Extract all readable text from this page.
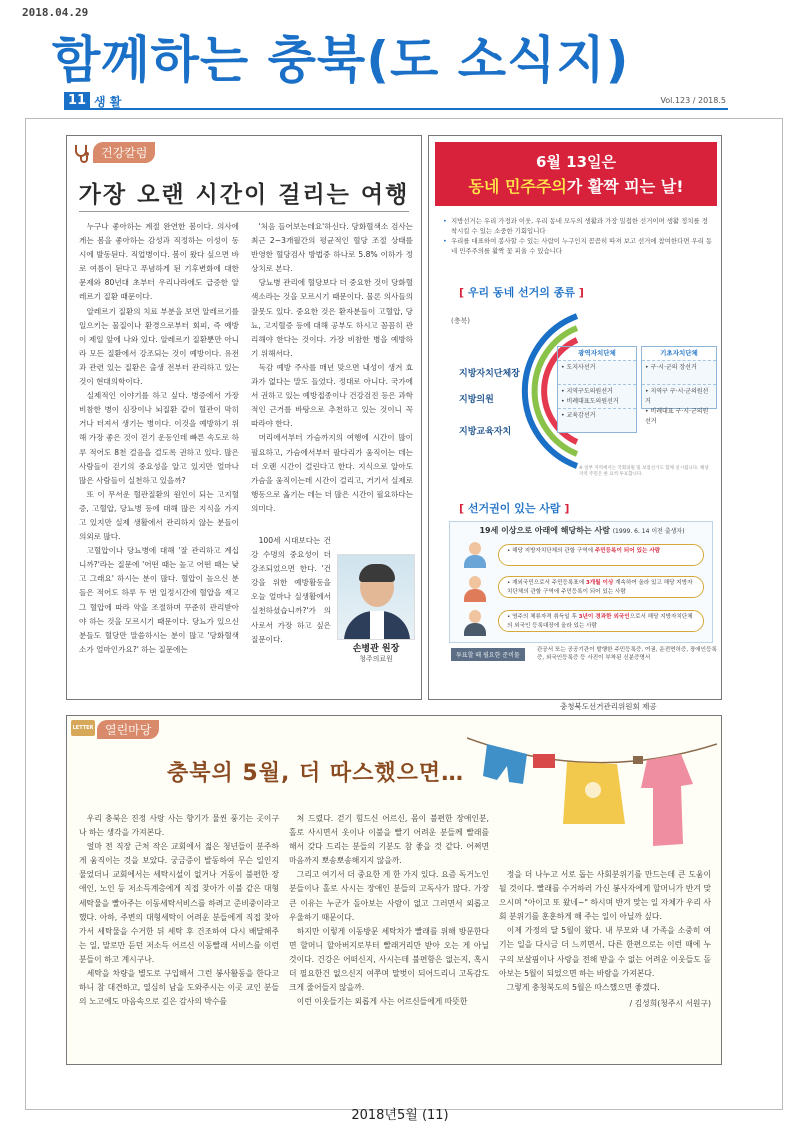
2018.04.29
함께하는 충북(도 소식지)
11 생 활	Vol.123 / 2018.5
건강칼럼
가장 오랜 시간이 걸리는 여행

누구나 좋아하는 계절 완연한 봄이다. 의사에게는 봄을 좋아하는 감성과 직정하는 이성이 동시에 발동된다. 직업병이다. 봄이 왔다 싶으면 바로 여름이 된다고 푸념하게 된 기후변화에 대한 문제와 80년대 초부터 우리나라에도 급증한 알레르기 질환 때문이다.

알레르기 질환의 치료 부분을 보면 알레르기를 일으키는 물질이나 환경으로부터 회피, 즉 예방이 제일 앞에 나와 있다. 알레르기 질환뿐만 아니라 모든 질환에서 강조되는 것이 예방이다. 유전과 관련 있는 질환은 출생 전부터 관리하고 있는 것이 현대의학이다.

실제적인 이야기를 하고 싶다. 병증에서 가장 비참한 병이 심장이나 뇌질환 같이 혈관이 막히거나 터져서 생기는 병이다. 이것을 예방하기 위해 가장 좋은 것이 걷기 운동인데 빠른 속도로 하루 적어도 8천 걸음을 걸도록 권하고 있다. 많은 사람들이 걷기의 중요성을 알고 있지만 얼마나 많은 사람들이 실천하고 있을까?

또 이 무서운 혈관질환의 원인이 되는 고지혈증, 고혈압, 당뇨병 등에 대해 많은 지식을 가지고 있지만 실제 생활에서 관리하지 않는 분들이 의외로 많다.

고혈압이나 당뇨병에 대해 '잘 관리하고 계십니까?'라는 질문에 '어떤 때는 높고 어떤 때는 낮고 그래요' 하시는 분이 많다. 혈압이 높으신 분들은 적어도 하루 두 번 일정시간에 혈압을 재고 그 혈압에 따라 약을 조절하며 꾸준히 관리받아야 하는 것을 모르시기 때문이다. 당뇨가 있으신 분들도 혈당만 말씀하시는 분이 많고 '당화혈색소가 얼마인가요?' 하는 질문에는

'처음 들어보는데요'하신다. 당화혈색소 검사는 최근 2~3개월간의 평균적인 혈당 조절 상태를 반영한 혈당검사 방법중 하나로 5.8% 이하가 정상치로 본다.

당뇨병 관리에 혈당보다 더 중요한 것이 당화혈색소라는 것을 모르시기 때문이다. 물론 의사들의 잘못도 있다. 중요한 것은 환자분들이 고혈압, 당뇨, 고지혈증 등에 대해 공부도 하시고 꼼꼼히 관리해야 한다는 것이다. 가장 비참한 병을 예방하기 위해서다.

독감 예방 주사를 매년 맞으면 내성이 생겨 효과가 없다는 말도 들었다. 정대로 아니다. 국가에서 권하고 있는 예방접종이나 건강검진 등은 과학적인 근거를 바탕으로 추천하고 있는 것이니 꼭 따라야 한다.

머리에서부터 가슴까지의 여행에 시간이 많이 필요하고, 가슴에서부터 팔다리가 움직이는 데는 더 오랜 시간이 걸린다고 한다. 지식으로 알아도 가슴을 움직이는데 시간이 걸리고, 거기서 실제로 행동으로 옮기는 데는 더 많은 시간이 필요하다는 의미다.

100세 시대보다는 건강 수명의 중요성이 더 강조되었으면 한다. '건강을 위한 예방활동을 오늘 얼마나 실생활에서 실천하셨습니까?'가 의사로서 가장 하고 싶은 질문이다.

손병관 원장
청주의료원
6월 13일은
동네 민주주의가 활짝 피는 날!
• 지방선거는 우리 가정과 이웃, 우리 동네 모두의 생활과 가장 밀접한 선거이며 생활 정치를 정착시킬 수 있는 소중한 기회입니다
• 우리를 대표하여 봉사할 수 있는 사람이 누구인지 꼼꼼히 따져 보고 선거에 참여한다면 우리 동네 민주주의를 활짝 꽃 피울 수 있습니다
[ 우리 동네 선거의 종류 ]
(충북)
지방자치단체장
지방의원
지방교육자치
광역자치단체
• 도지사선거
• 지역구도의원선거
• 비례대표도의원선거
• 교육감선거
기초자치단체
• 구·시·군의 장선거
• 지역구 구·시·군의원선거
• 비례대표 구·시·군의원선거
※ 일부 지역에서는 국회의원 및 보궐선거도 함께 실시됩니다. 해당 지역 주민은 한 표씩 투표합니다.
[ 선거권이 있는 사람 ]
19세 이상으로 아래에 해당하는 사람 (1999. 6. 14 이전 출생자)
• 해당 지방자치단체의 관할 구역에 주민등록이 되어 있는 사람
• 재외국민으로서 주민등록표에 3개월 이상 계속하여 올라 있고 해당 지방자치단체의 관할 구역에 주민등록이 되어 있는 사람
• 영주의 체류자격 취득일 후 3년이 경과한 외국인으로서 해당 지방자치단체의 외국인 등록대장에 올라 있는 사람
투표할 때 필요한 준비물
관공서 또는 공공기관이 발행한 주민등록증, 여권, 운전면허증, 장애인등록증, 외국인등록증 등 사진이 부착된 신분증명서
충청북도선거관리위원회 제공
LETTER 열린마당
충북의 5월, 더 따스했으면…

우리 충북은 진정 사랑 사는 향기가 물씬 풍기는 곳이구나 하는 생각을 가져본다.

얼마 전 직장 근처 작은 교회에서 젊은 청년들이 분주하게 움직이는 것을 보았다. 궁금증이 발동하여 무슨 일인지 물었더니 교회에서는 세탁시설이 없거나 거동이 불편한 장애인, 노인 등 저소득계층에게 직접 찾아가 이불 같은 대형세탁물을 빨아주는 이동세탁서비스를 하려고 준비중이라고 했다. 아하, 주변의 대형세탁이 어려운 분들에게 직접 찾아가서 세탁물을 수거한 뒤 세탁 후 건조하여 다시 배달해주는 일, 말로만 듣던 저소득 어르신 이동빨래 서비스를 이런 분들이 하고 계시구나.

세탁을 차량을 별도로 구입해서 그런 봉사활동을 한다고 하니 참 대견하고, 열심히 남을 도와주시는 이곳 교인 분들의 노고에도 마음속으로 깊은 감사의 박수를

쳐 드렸다. 걷기 힘드신 어르신, 몸이 불편한 장애인분, 홀로 사시면서 옷이나 이불을 빨기 어려운 분들께 빨래를 해서 갖다 드리는 분들의 기분도 참 좋을 것 같다. 어쩌면 마음까지 뽀송뽀송해지지 않을까.

그리고 여기서 더 중요한 게 한 가지 있다. 요즘 독거노인 분들이나 홀로 사시는 장애인 분들의 고독사가 많다. 가장 큰 이유는 누군가 돌아보는 사람이 없고 그러면서 외롭고 우울하기 때문이다.

하지만 이렇게 이동방문 세탁차가 빨래를 위해 방문한다면 할머니 할아버지로부터 빨래거리만 받아 오는 게 아닐 것이다. 건강은 어떠신지, 사시는데 불편함은 없는지, 혹시 더 필요한건 없으신지 여쭈며 말벗이 되어드리니 고독감도 크게 줄어들지 않을까.

이런 이웃들기는 외롭게 사는 어르신들에게 따뜻한

정을 더 나누고 서로 돕는 사회분위기를 만드는데 큰 도움이 될 것이다. 빨래를 수거하러 가신 봉사자에게 할머니가 반겨 맞으시며 "아이고 또 왔네~" 하시며 반겨 맞는 일 자체가 우리 사회 분위기를 훈훈하게 해 주는 일이 아닐까 싶다.

이제 가정의 달 5월이 왔다. 내 부모와 내 가족을 소중히 여기는 일을 다시금 더 느끼면서, 다른 한편으로는 이런 때에 누구의 보살핌이나 사랑을 전해 받을 수 없는 어려운 이웃들도 돌아보는 5월이 되었으면 하는 바람을 가져본다.

그렇게 충청북도의 5월은 따스했으면 좋겠다.

/ 김성희(청주시 서원구)
2018년5월 (11)
